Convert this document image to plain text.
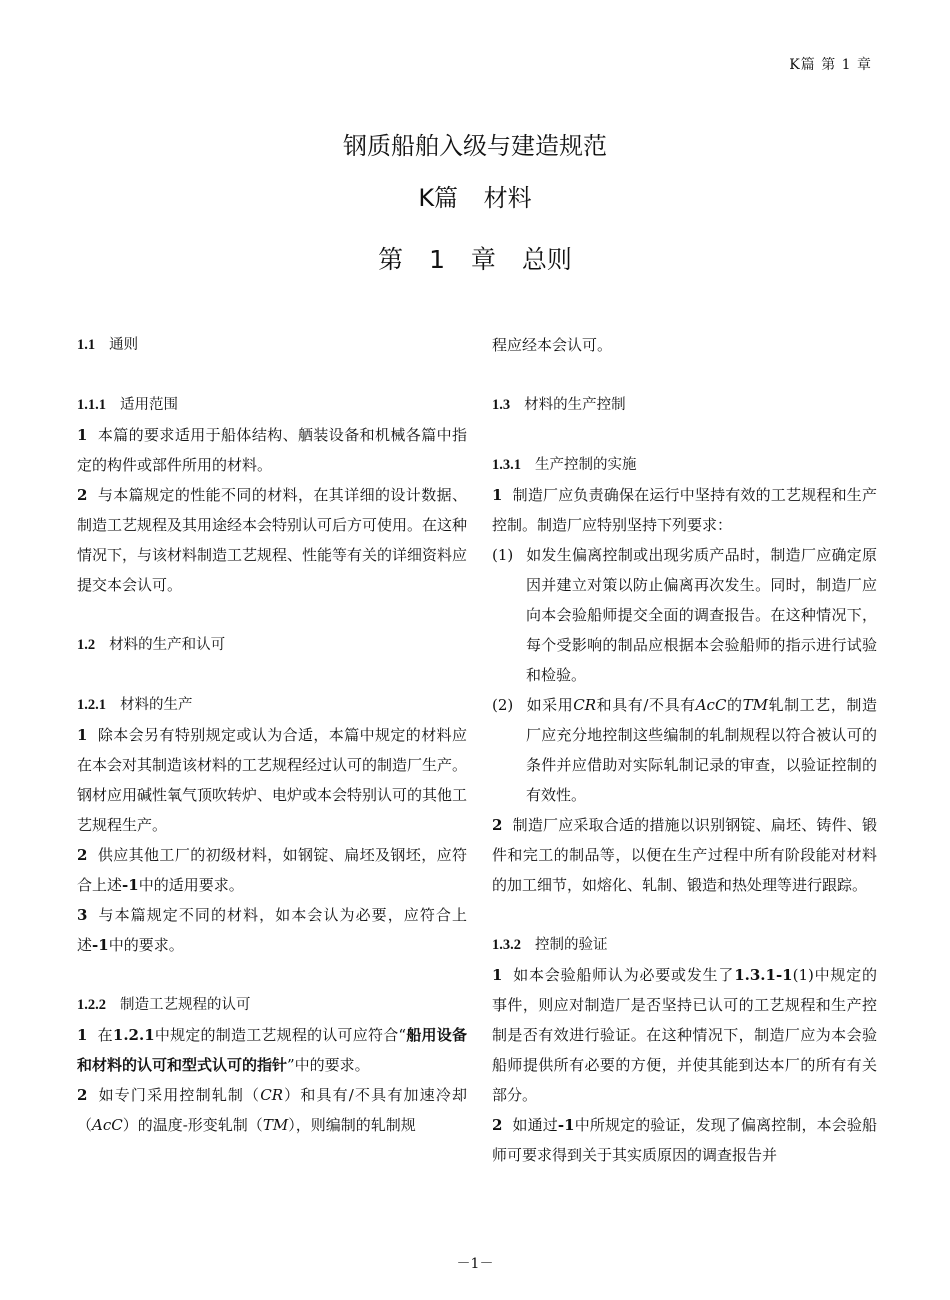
K篇 第 1 章
钢质船舶入级与建造规范
K篇 材料
第 1 章 总则

1.1 通则

1.1.1 适用范围

1 本篇的要求适用于船体结构、舾装设备和机械各篇中指定的构件或部件所用的材料。

2 与本篇规定的性能不同的材料，在其详细的设计数据、制造工艺规程及其用途经本会特别认可后方可使用。在这种情况下，与该材料制造工艺规程、性能等有关的详细资料应提交本会认可。

1.2 材料的生产和认可

1.2.1 材料的生产

1 除本会另有特别规定或认为合适，本篇中规定的材料应在本会对其制造该材料的工艺规程经过认可的制造厂生产。钢材应用碱性氧气顶吹转炉、电炉或本会特别认可的其他工艺规程生产。

2 供应其他工厂的初级材料，如钢锭、扁坯及钢坯，应符合上述-1中的适用要求。

3 与本篇规定不同的材料，如本会认为必要，应符合上述-1中的要求。

1.2.2 制造工艺规程的认可

1 在1.2.1中规定的制造工艺规程的认可应符合“船用设备和材料的认可和型式认可的指针”中的要求。

2 如专门采用控制轧制（CR）和具有/不具有加速冷却（AcC）的温度-形变轧制（TM），则编制的轧制规

程应经本会认可。

1.3 材料的生产控制

1.3.1 生产控制的实施

1 制造厂应负责确保在运行中坚持有效的工艺规程和生产控制。制造厂应特别坚持下列要求：

(1) 如发生偏离控制或出现劣质产品时，制造厂应确定原因并建立对策以防止偏离再次发生。同时，制造厂应向本会验船师提交全面的调查报告。在这种情况下，每个受影响的制品应根据本会验船师的指示进行试验和检验。

(2) 如采用CR和具有/不具有AcC的TM轧制工艺，制造厂应充分地控制这些编制的轧制规程以符合被认可的条件并应借助对实际轧制记录的审查，以验证控制的有效性。

2 制造厂应采取合适的措施以识别钢锭、扁坯、铸件、锻件和完工的制品等，以便在生产过程中所有阶段能对材料的加工细节，如熔化、轧制、锻造和热处理等进行跟踪。

1.3.2 控制的验证

1 如本会验船师认为必要或发生了1.3.1-1(1)中规定的事件，则应对制造厂是否坚持已认可的工艺规程和生产控制是否有效进行验证。在这种情况下，制造厂应为本会验船师提供所有必要的方便，并使其能到达本厂的所有有关部分。

2 如通过-1中所规定的验证，发现了偏离控制，本会验船师可要求得到关于其实质原因的调查报告并

－1－
